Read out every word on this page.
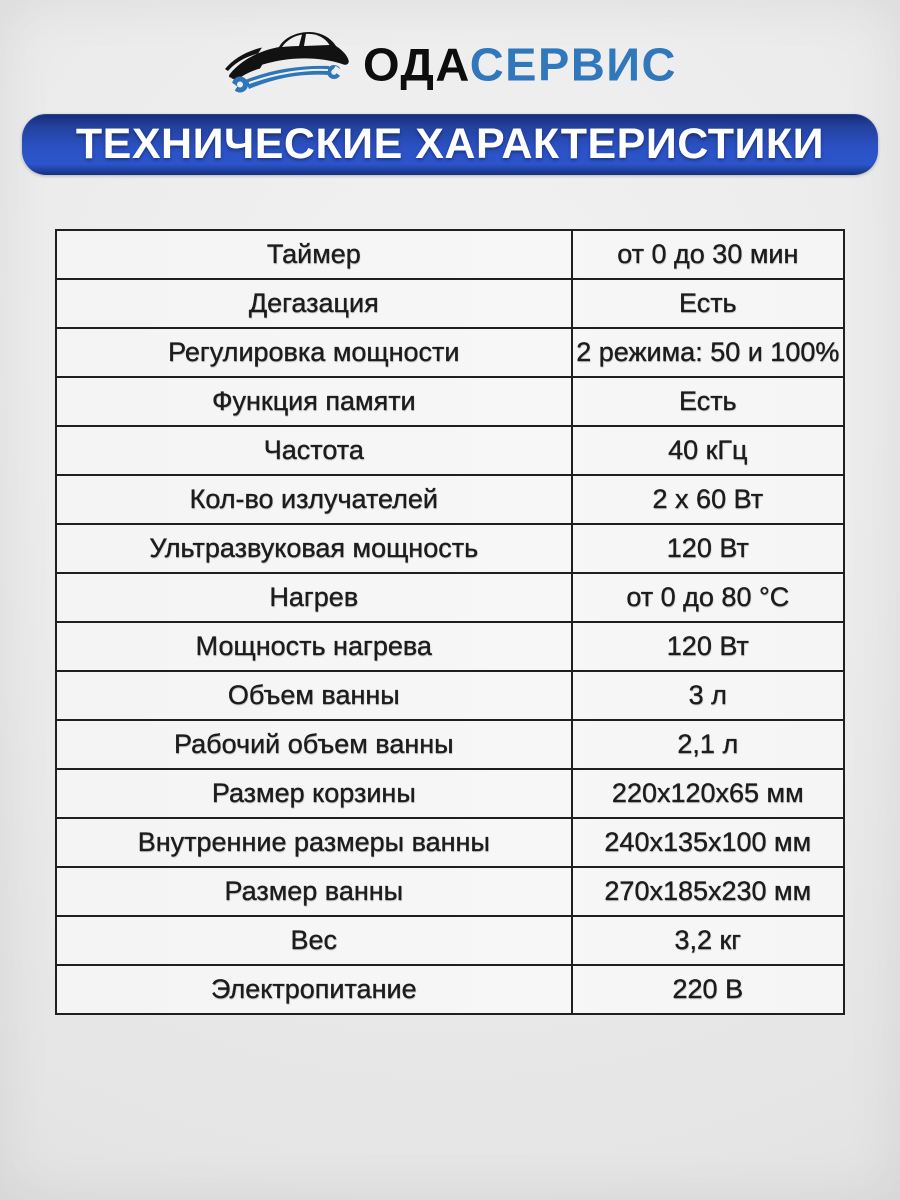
ОДАСЕРВИС
ТЕХНИЧЕСКИЕ ХАРАКТЕРИСТИКИ
Таймер	от 0 до 30 мин
Дегазация	Есть
Регулировка мощности	2 режима: 50 и 100%
Функция памяти	Есть
Частота	40 кГц
Кол-во излучателей	2 х 60 Вт
Ультразвуковая мощность	120 Вт
Нагрев	от 0 до 80 °С
Мощность нагрева	120 Вт
Объем ванны	3 л
Рабочий объем ванны	2,1 л
Размер корзины	220х120х65 мм
Внутренние размеры ванны	240х135х100 мм
Размер ванны	270х185х230 мм
Вес	3,2 кг
Электропитание	220 В
